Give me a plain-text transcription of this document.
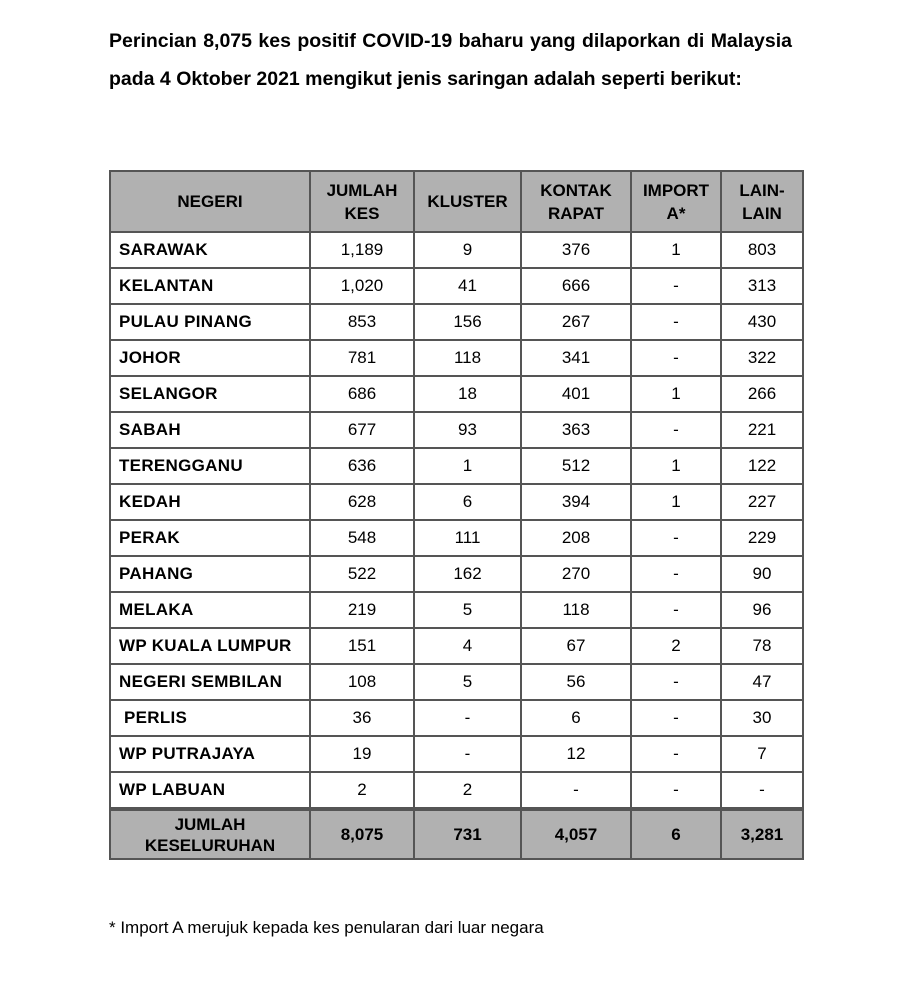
Perincian 8,075 kes positif COVID-19 baharu yang dilaporkan di Malaysia pada 4 Oktober 2021 mengikut jenis saringan adalah seperti berikut:

NEGERI	JUMLAH KES	KLUSTER	KONTAK RAPAT	IMPORT A*	LAIN-LAIN
SARAWAK	1,189	9	376	1	803
KELANTAN	1,020	41	666	-	313
PULAU PINANG	853	156	267	-	430
JOHOR	781	118	341	-	322
SELANGOR	686	18	401	1	266
SABAH	677	93	363	-	221
TERENGGANU	636	1	512	1	122
KEDAH	628	6	394	1	227
PERAK	548	111	208	-	229
PAHANG	522	162	270	-	90
MELAKA	219	5	118	-	96
WP KUALA LUMPUR	151	4	67	2	78
NEGERI SEMBILAN	108	5	56	-	47
PERLIS	36	-	6	-	30
WP PUTRAJAYA	19	-	12	-	7
WP LABUAN	2	2	-	-	-
JUMLAH KESELURUHAN	8,075	731	4,057	6	3,281

* Import A merujuk kepada kes penularan dari luar negara
